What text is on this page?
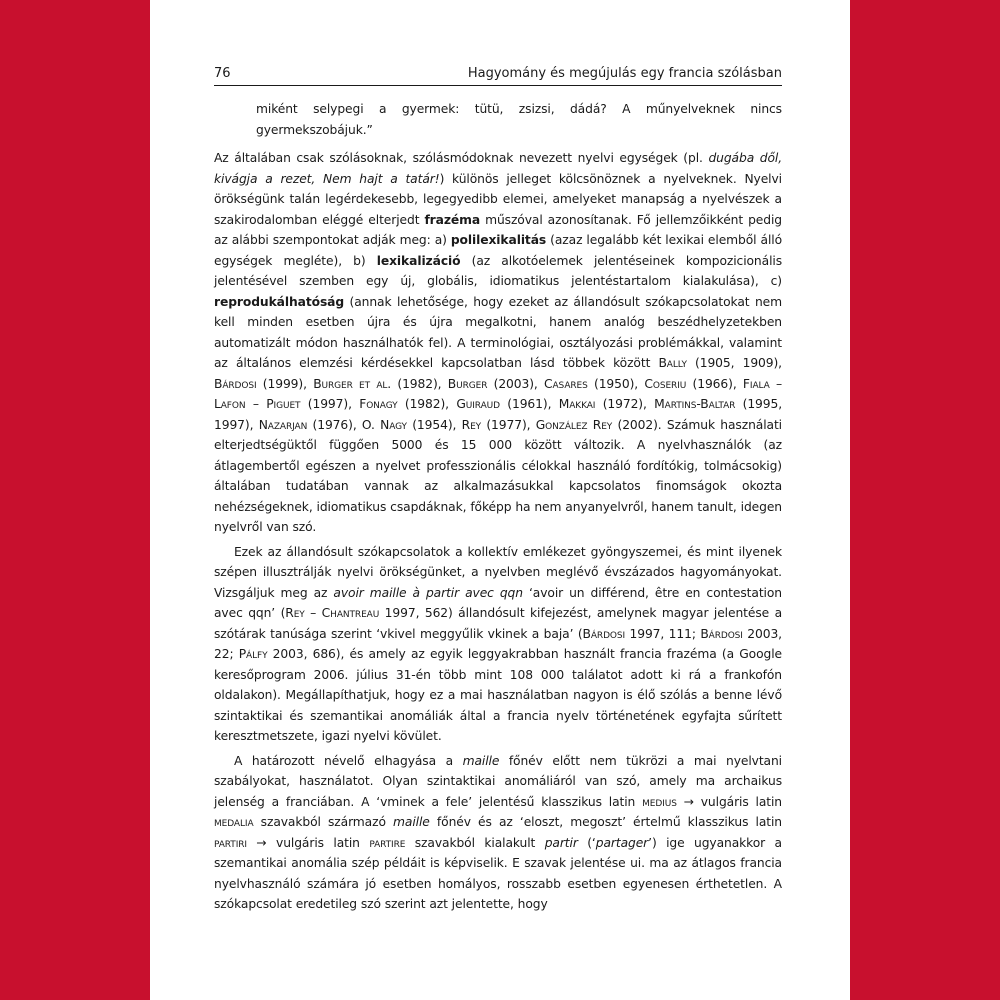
76	Hagyomány és megújulás egy francia szólásban

miként selypegi a gyermek: tütü, zsizsi, dádá? A műnyelveknek nincs gyermekszobájuk.”

Az általában csak szólásoknak, szólásmódoknak nevezett nyelvi egységek (pl. dugába dől, kivágja a rezet, Nem hajt a tatár!) különös jelleget kölcsönöznek a nyelveknek. Nyelvi örökségünk talán legérdekesebb, legegyedibb elemei, amelyeket manapság a nyelvészek a szakirodalomban eléggé elterjedt frazéma műszóval azonosítanak. Fő jellemzőikként pedig az alábbi szempontokat adják meg: a) polilexikalitás (azaz legalább két lexikai elemből álló egységek megléte), b) lexikalizáció (az alkotóelemek jelentéseinek kompozicionális jelentésével szemben egy új, globális, idiomatikus jelentéstartalom kialakulása), c) reprodukálhatóság (annak lehetősége, hogy ezeket az állandósult szókapcsolatokat nem kell minden esetben újra és újra megalkotni, hanem analóg beszédhelyzetekben automatizált módon használhatók fel). A terminológiai, osztályozási problémákkal, valamint az általános elemzési kérdésekkel kapcsolatban lásd többek között Bally (1905, 1909), Bárdosi (1999), Burger et al. (1982), Burger (2003), Casares (1950), Coseriu (1966), Fiala – Lafon – Piguet (1997), Fonagy (1982), Guiraud (1961), Makkai (1972), Martins-Baltar (1995, 1997), Nazarjan (1976), O. Nagy (1954), Rey (1977), González Rey (2002). Számuk használati elterjedtségüktől függően 5000 és 15 000 között változik. A nyelvhasználók (az átlagembertől egészen a nyelvet professzionális célokkal használó fordítókig, tolmácsokig) általában tudatában vannak az alkalmazásukkal kapcsolatos finomságok okozta nehézségeknek, idiomatikus csapdáknak, főképp ha nem anyanyelvről, hanem tanult, idegen nyelvről van szó.

Ezek az állandósult szókapcsolatok a kollektív emlékezet gyöngyszemei, és mint ilyenek szépen illusztrálják nyelvi örökségünket, a nyelvben meglévő évszázados hagyományokat. Vizsgáljuk meg az avoir maille à partir avec qqn ‘avoir un différend, être en contestation avec qqn’ (Rey – Chantreau 1997, 562) állandósult kifejezést, amelynek magyar jelentése a szótárak tanúsága szerint ‘vkivel meggyűlik vkinek a baja’ (Bárdosi 1997, 111; Bárdosi 2003, 22; Pálfy 2003, 686), és amely az egyik leggyakrabban használt francia frazéma (a Google keresőprogram 2006. július 31-én több mint 108 000 találatot adott ki rá a frankofón oldalakon). Megállapíthatjuk, hogy ez a mai használatban nagyon is élő szólás a benne lévő szintaktikai és szemantikai anomáliák által a francia nyelv történetének egyfajta sűrített keresztmetszete, igazi nyelvi kövület.

A határozott névelő elhagyása a maille főnév előtt nem tükrözi a mai nyelvtani szabályokat, használatot. Olyan szintaktikai anomáliáról van szó, amely ma archaikus jelenség a franciában. A ‘vminek a fele’ jelentésű klasszikus latin medius → vulgáris latin medalia szavakból származó maille főnév és az ‘eloszt, megoszt’ értelmű klasszikus latin partiri → vulgáris latin partire szavakból kialakult partir (‘partager’) ige ugyanakkor a szemantikai anomália szép példáit is képviselik. E szavak jelentése ui. ma az átlagos francia nyelvhasználó számára jó esetben homályos, rosszabb esetben egyenesen érthetetlen. A szókapcsolat eredetileg szó szerint azt jelentette, hogy
